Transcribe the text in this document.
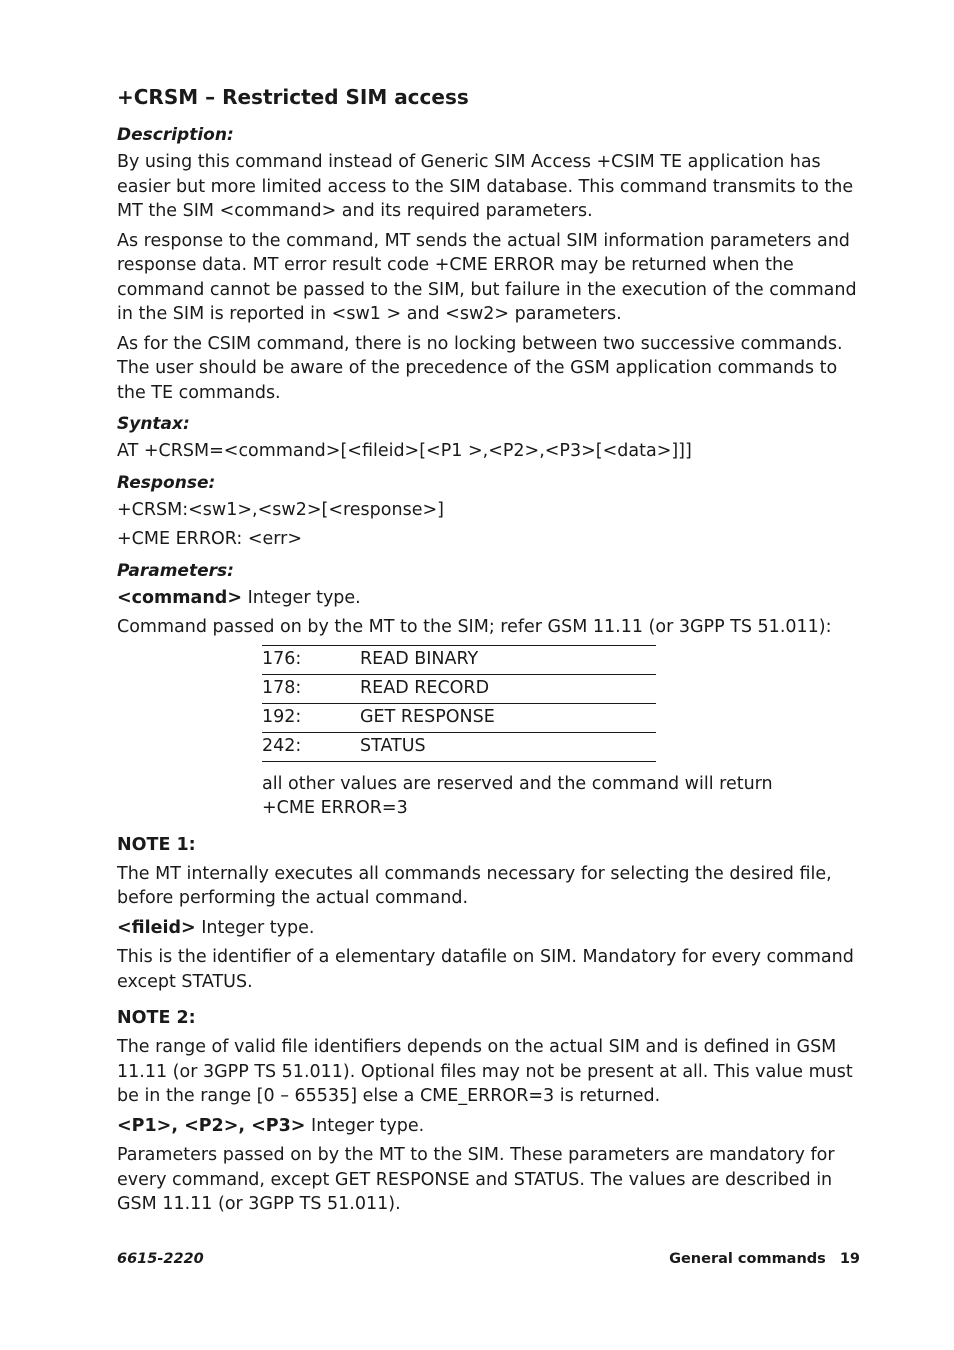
+CRSM – Restricted SIM access
Description:
By using this command instead of Generic SIM Access +CSIM TE application has easier but more limited access to the SIM database. This command transmits to the MT the SIM <command> and its required parameters.
As response to the command, MT sends the actual SIM information parameters and response data. MT error result code +CME ERROR may be returned when the command cannot be passed to the SIM, but failure in the execution of the command in the SIM is reported in <sw1 > and <sw2> parameters.
As for the CSIM command, there is no locking between two successive commands. The user should be aware of the precedence of the GSM application commands to the TE commands.
Syntax:
AT +CRSM=<command>[<fileid>[<P1 >,<P2>,<P3>[<data>]]]
Response:
+CRSM:<sw1>,<sw2>[<response>]
+CME ERROR: <err>
Parameters:
<command> Integer type.
Command passed on by the MT to the SIM; refer GSM 11.11 (or 3GPP TS 51.011):
176:	READ BINARY
178:	READ RECORD
192:	GET RESPONSE
242:	STATUS
all other values are reserved and the command will return
+CME ERROR=3
NOTE 1:
The MT internally executes all commands necessary for selecting the desired file, before performing the actual command.
<fileid> Integer type.
This is the identifier of a elementary datafile on SIM. Mandatory for every command except STATUS.
NOTE 2:
The range of valid file identifiers depends on the actual SIM and is defined in GSM 11.11 (or 3GPP TS 51.011). Optional files may not be present at all. This value must be in the range [0 – 65535] else a CME_ERROR=3 is returned.
<P1>, <P2>, <P3> Integer type.
Parameters passed on by the MT to the SIM. These parameters are mandatory for every command, except GET RESPONSE and STATUS. The values are described in GSM 11.11 (or 3GPP TS 51.011).
6615-2220	General commands 19
